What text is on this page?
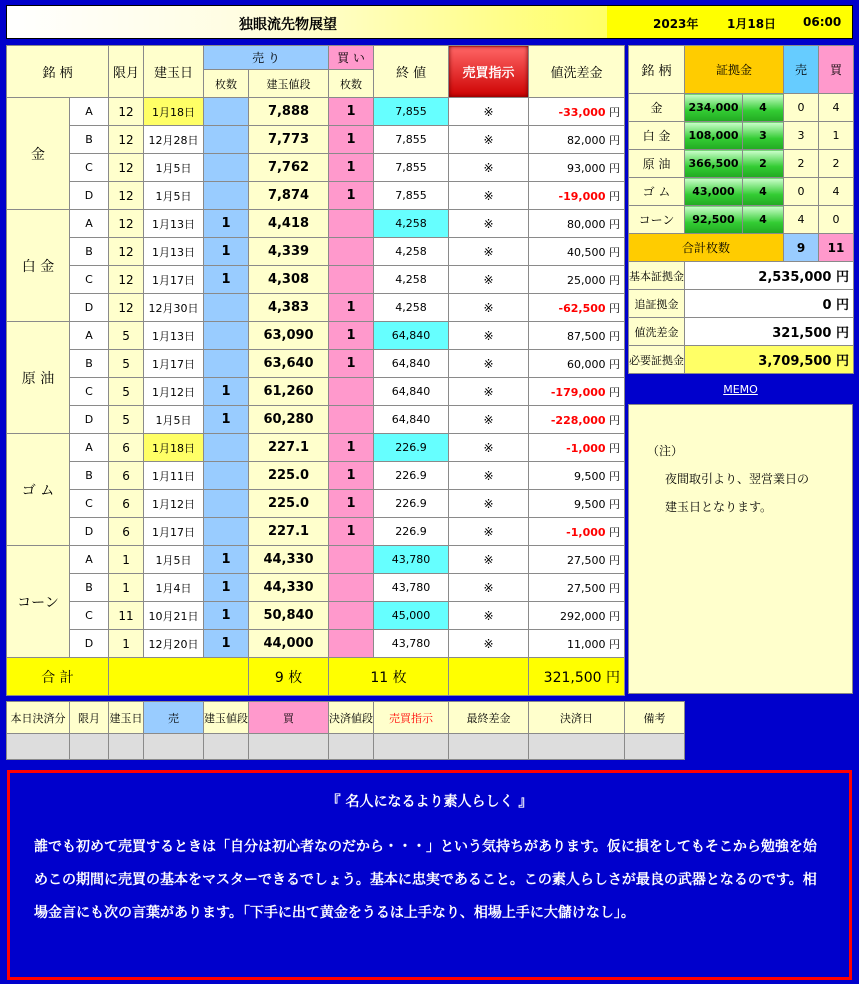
独眼流先物展望	2023年 1月18日 06:00
銘 柄		限月	建玉日	売 り		買 い	終 値	売買指示	値洗差金
				枚数	建玉値段	枚数			
金	A	12	1月18日		7,888	1	7,855	※	-33,000 円
	B	12	12月28日		7,773	1	7,855	※	82,000 円
	C	12	1月5日		7,762	1	7,855	※	93,000 円
	D	12	1月5日		7,874	1	7,855	※	-19,000 円
白 金	A	12	1月13日	1	4,418		4,258	※	80,000 円
	B	12	1月13日	1	4,339		4,258	※	40,500 円
	C	12	1月17日	1	4,308		4,258	※	25,000 円
	D	12	12月30日		4,383	1	4,258	※	-62,500 円
原 油	A	5	1月13日		63,090	1	64,840	※	87,500 円
	B	5	1月17日		63,640	1	64,840	※	60,000 円
	C	5	1月12日	1	61,260		64,840	※	-179,000 円
	D	5	1月5日	1	60,280		64,840	※	-228,000 円
ゴ ム	A	6	1月18日		227.1	1	226.9	※	-1,000 円
	B	6	1月11日		225.0	1	226.9	※	9,500 円
	C	6	1月12日		225.0	1	226.9	※	9,500 円
	D	6	1月17日		227.1	1	226.9	※	-1,000 円
コーン	A	1	1月5日	1	44,330		43,780	※	27,500 円
	B	1	1月4日	1	44,330		43,780	※	27,500 円
	C	11	10月21日	1	50,840		45,000	※	292,000 円
	D	1	12月20日	1	44,000		43,780	※	11,000 円
合 計					9 枚	11 枚			321,500 円
銘 柄	証拠金		売	買
金	234,000	4	0	4
白 金	108,000	3	3	1
原 油	366,500	2	2	2
ゴ ム	43,000	4	0	4
コーン	92,500	4	4	0
合計枚数			9	11
基本証拠金	2,535,000 円			
追証拠金	0 円			
値洗差金	321,500 円			
必要証拠金	3,709,500 円			
MEMO
（注）
夜間取引より、翌営業日の
建玉日となります。
本日決済分	限月	建玉日	売	建玉値段	買	決済値段	売買指示	最終差金	決済日	備考

『 名人になるより素人らしく 』
誰でも初めて売買するときは「自分は初心者なのだから・・・」という気持ちがあります。仮に損をしてもそこから勉強を始めこの期間に売買の基本をマスターできるでしょう。基本に忠実であること。この素人らしさが最良の武器となるのです。相場金言にも次の言葉があります。「下手に出て黄金をうるは上手なり、相場上手に大儲けなし」。
